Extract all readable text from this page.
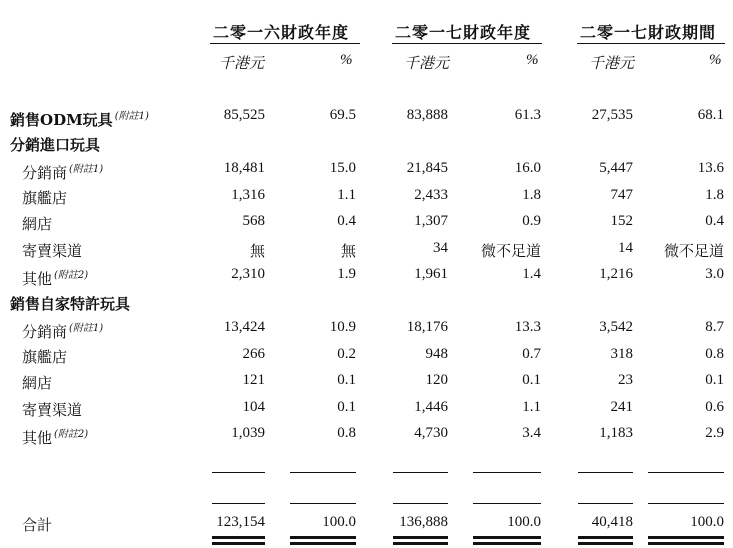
二零一六財政年度	二零一七財政年度	二零一七財政期間
千港元	%	千港元	%	千港元	%
銷售ODM玩具 $^{(附註1)}$	85,525	69.5	83,888	61.3	27,535	68.1
分銷進口玩具
分銷商 $^{(附註1)}$	18,481	15.0	21,845	16.0	5,447	13.6
旗艦店	1,316	1.1	2,433	1.8	747	1.8
網店	568	0.4	1,307	0.9	152	0.4
寄賣渠道	無	無	34	微不足道	14	微不足道
其他 $^{(附註2)}$	2,310	1.9	1,961	1.4	1,216	3.0
銷售自家特許玩具
分銷商 $^{(附註1)}$	13,424	10.9	18,176	13.3	3,542	8.7
旗艦店	266	0.2	948	0.7	318	0.8
網店	121	0.1	120	0.1	23	0.1
寄賣渠道	104	0.1	1,446	1.1	241	0.6
其他 $^{(附註2)}$	1,039	0.8	4,730	3.4	1,183	2.9
合計	123,154	100.0	136,888	100.0	40,418	100.0
